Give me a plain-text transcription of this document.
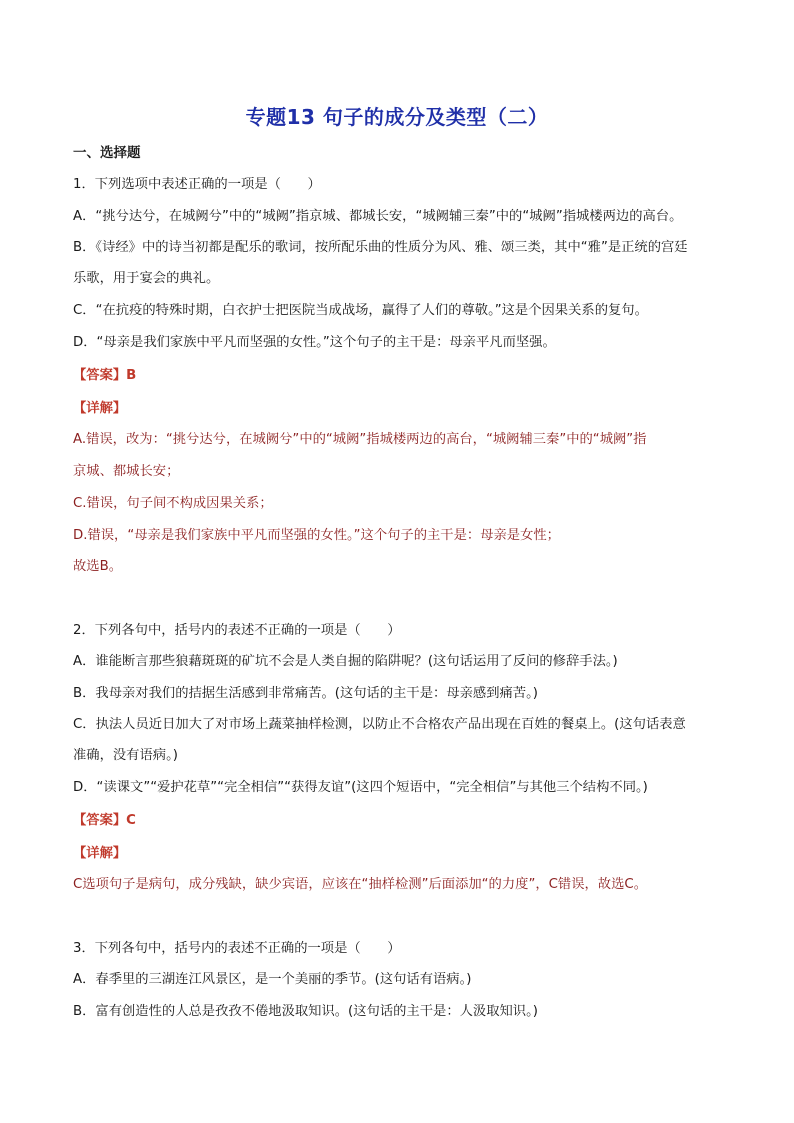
专题13 句子的成分及类型（二）
一、选择题
1．下列选项中表述正确的一项是（　　）
A．“挑兮达兮，在城阙兮”中的“城阙”指京城、都城长安，“城阙辅三秦”中的“城阙”指城楼两边的高台。
B．《诗经》中的诗当初都是配乐的歌词，按所配乐曲的性质分为风、雅、颂三类，其中“雅”是正统的宫廷
乐歌，用于宴会的典礼。
C．“在抗疫的特殊时期，白衣护士把医院当成战场，赢得了人们的尊敬。”这是个因果关系的复句。
D．“母亲是我们家族中平凡而坚强的女性。”这个句子的主干是：母亲平凡而坚强。
【答案】B
【详解】
A.错误，改为：“挑兮达兮，在城阙兮”中的“城阙”指城楼两边的高台，“城阙辅三秦”中的“城阙”指
京城、都城长安；
C.错误，句子间不构成因果关系；
D.错误，“母亲是我们家族中平凡而坚强的女性。”这个句子的主干是：母亲是女性；
故选B。
2．下列各句中，括号内的表述不正确的一项是（　　）
A．谁能断言那些狼藉斑斑的矿坑不会是人类自掘的陷阱呢？(这句话运用了反问的修辞手法。)
B．我母亲对我们的拮据生活感到非常痛苦。(这句话的主干是：母亲感到痛苦。)
C．执法人员近日加大了对市场上蔬菜抽样检测，以防止不合格农产品出现在百姓的餐桌上。(这句话表意
准确，没有语病。)
D．“读课文”“爱护花草”“完全相信”“获得友谊”(这四个短语中，“完全相信”与其他三个结构不同。)
【答案】C
【详解】
C选项句子是病句，成分残缺，缺少宾语，应该在“抽样检测”后面添加“的力度”，C错误，故选C。
3．下列各句中，括号内的表述不正确的一项是（　　）
A．春季里的三湖连江风景区，是一个美丽的季节。(这句话有语病。)
B．富有创造性的人总是孜孜不倦地汲取知识。(这句话的主干是：人汲取知识。)
